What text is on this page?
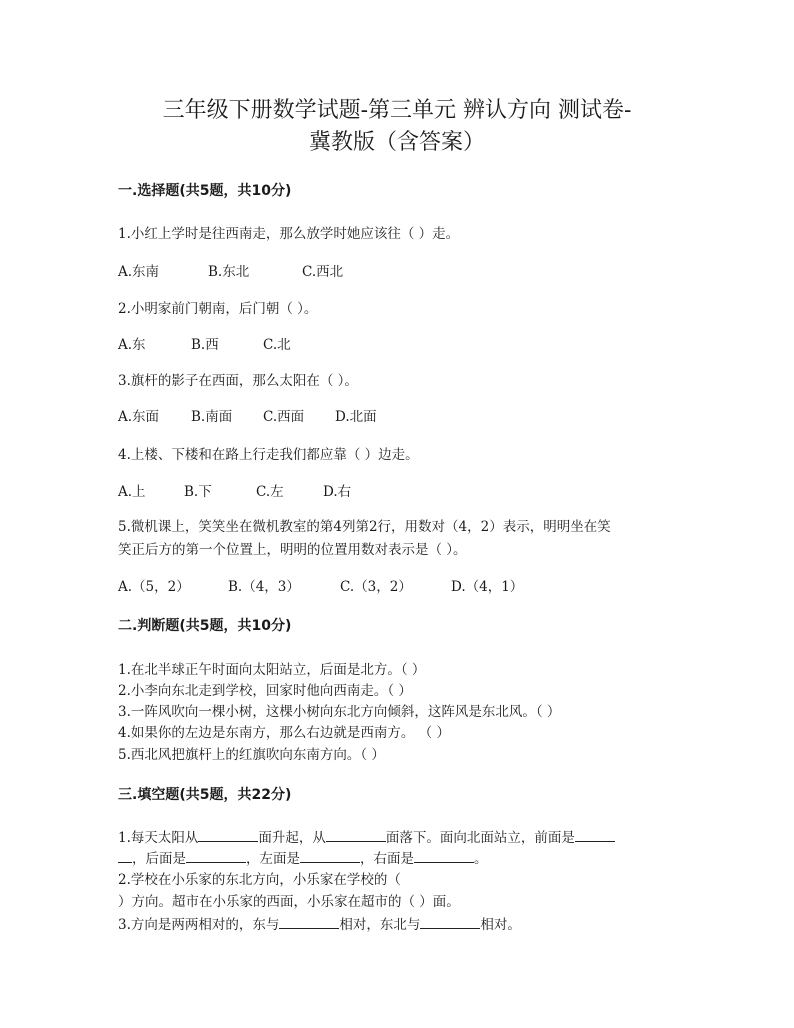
三年级下册数学试题-第三单元 辨认方向 测试卷-
冀教版（含答案）
一.选择题(共5题，共10分)
1.小红上学时是往西南走，那么放学时她应该往（ ）走。
A.东南	B.东北	C.西北
2.小明家前门朝南，后门朝（ ）。
A.东	B.西	C.北
3.旗杆的影子在西面，那么太阳在（ ）。
A.东面 B.南面 C.西面 D.北面
4.上楼、下楼和在路上行走我们都应靠（ ）边走。
A.上	B.下	C.左	D.右
5.微机课上，笑笑坐在微机教室的第4列第2行，用数对（4，2）表示，明明坐在笑
笑正后方的第一个位置上，明明的位置用数对表示是（ ）。
A.（5，2）	B.（4，3）	C.（3，2）	D.（4，1）
二.判断题(共5题，共10分)
1.在北半球正午时面向太阳站立，后面是北方。（ ）
2.小李向东北走到学校，回家时他向西南走。（ ）
3.一阵风吹向一棵小树，这棵小树向东北方向倾斜，这阵风是东北风。（ ）
4.如果你的左边是东南方，那么右边就是西南方。 （ ）
5.西北风把旗杆上的红旗吹向东南方向。（ ）
三.填空题(共5题，共22分)
1.每天太阳从	面升起，从	面落下。面向北面站立，前面是
，后面是	，左面是	，右面是	。
2.学校在小乐家的东北方向，小乐家在学校的（
）方向。超市在小乐家的西面，小乐家在超市的（ ）面。
3.方向是两两相对的，东与	相对，东北与	相对。
